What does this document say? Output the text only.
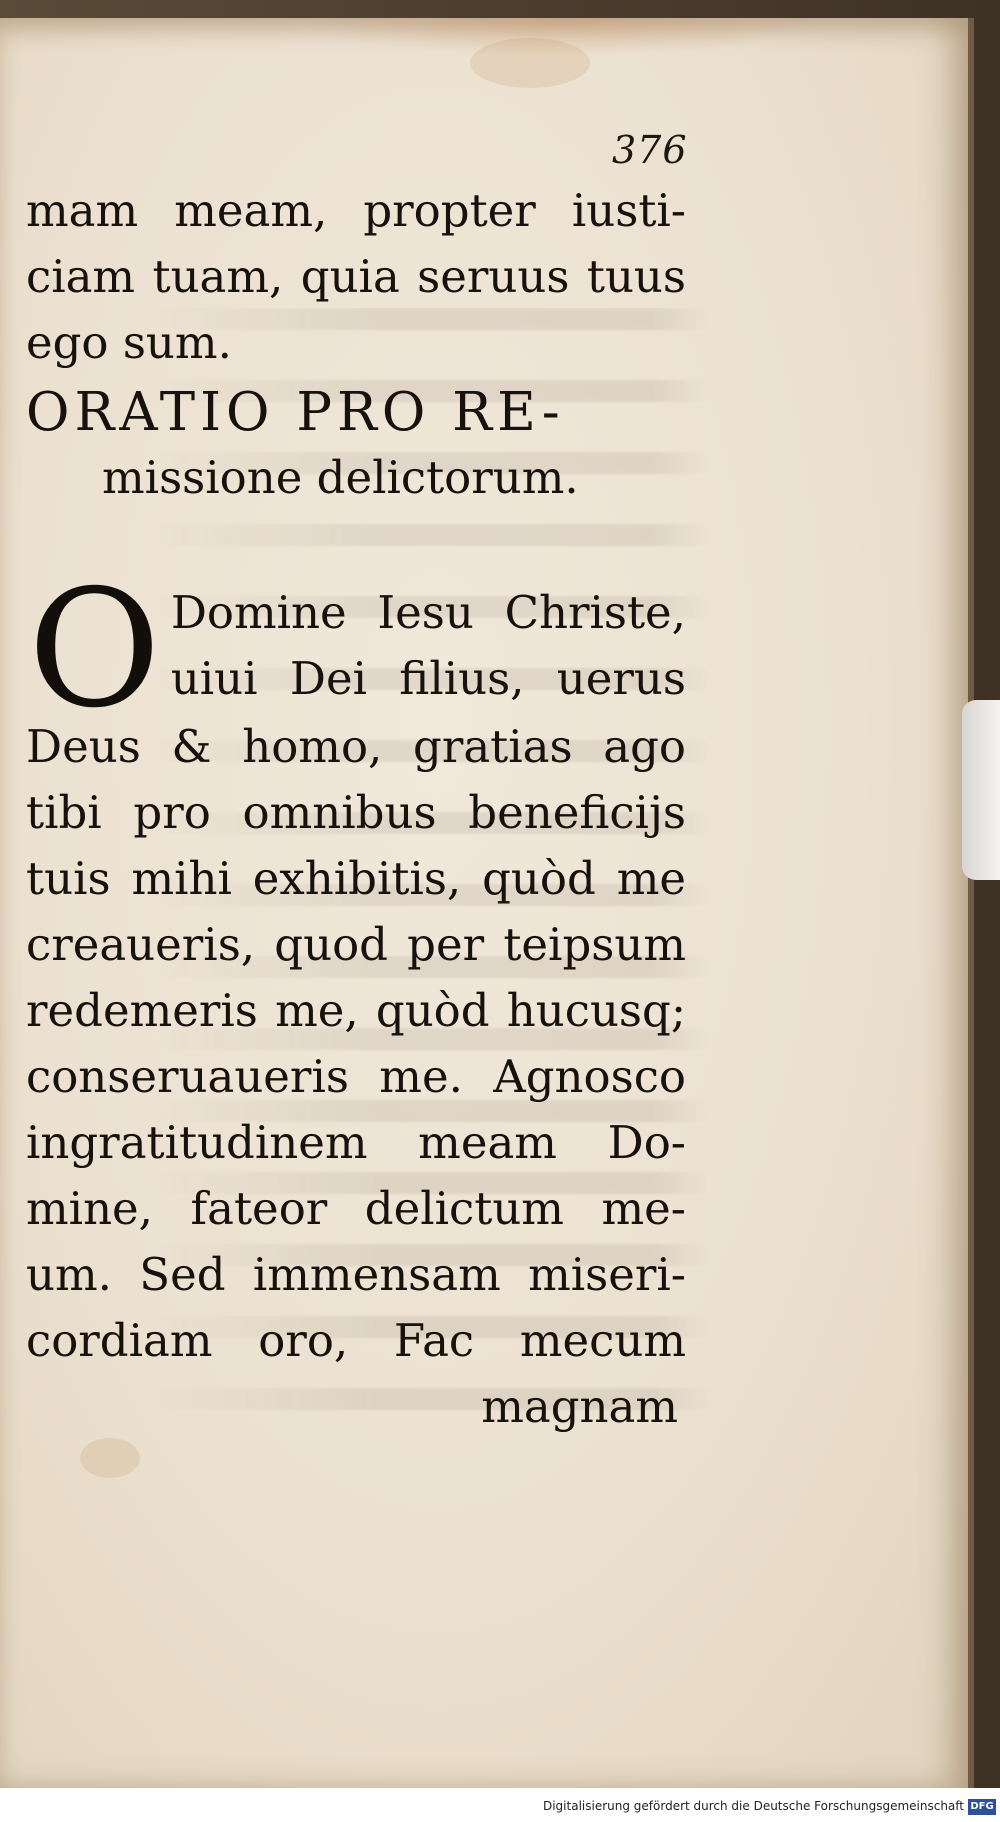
376
mam meam, propter iusti-
ciam tuam, quia seruus tuus
ego sum.
ORATIO PRO RE-
missione delictorum.
O Domine Iesu Christe,
uiui Dei filius, uerus
Deus & homo, gratias ago
tibi pro omnibus beneficijs
tuis mihi exhibitis, quòd me
creaueris, quod per teipsum
redemeris me, quòd hucusq;
conseruaueris me. Agnosco
ingratitudinem meam Do-
mine, fateor delictum me-
um. Sed immensam miseri-
cordiam oro, Fac mecum
magnam
Digitalisierung gefördert durch die Deutsche Forschungsgemeinschaft DFG
